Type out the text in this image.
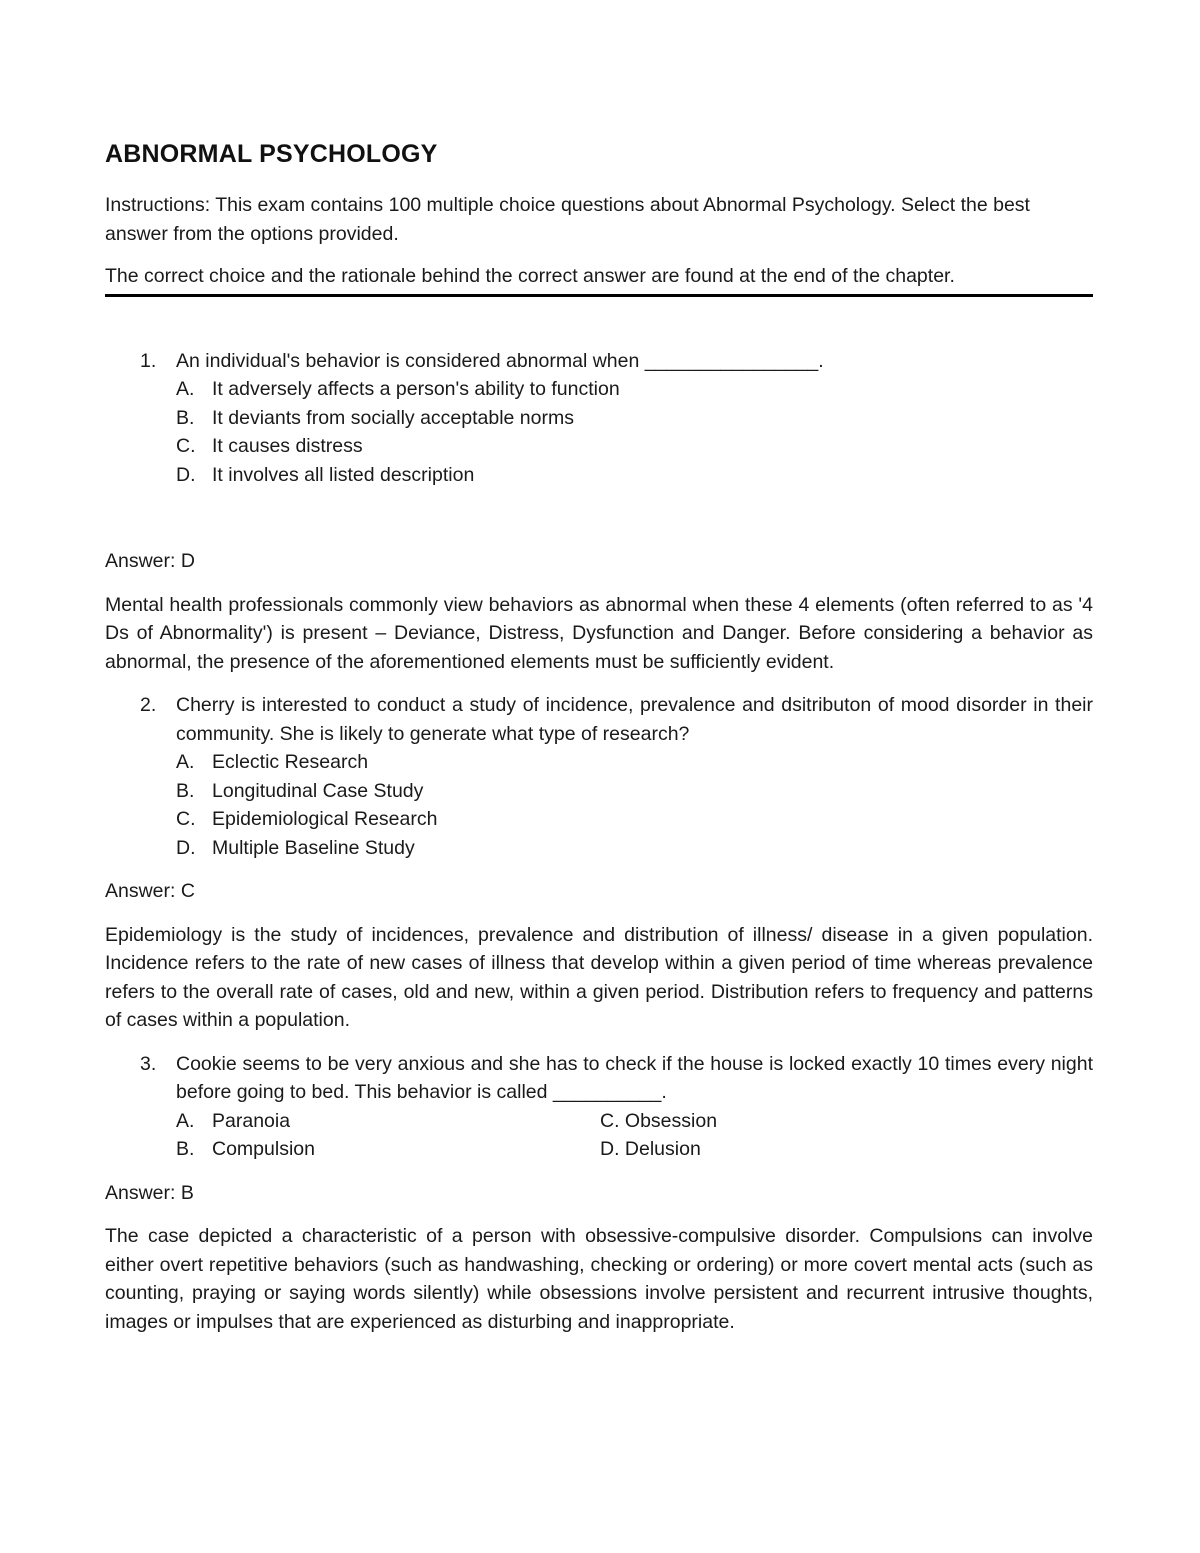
ABNORMAL PSYCHOLOGY

Instructions: This exam contains 100 multiple choice questions about Abnormal Psychology. Select the best answer from the options provided.

The correct choice and the rationale behind the correct answer are found at the end of the chapter.

1. An individual's behavior is considered abnormal when ________________.
A. It adversely affects a person's ability to function
B. It deviants from socially acceptable norms
C. It causes distress
D. It involves all listed description

Answer: D

Mental health professionals commonly view behaviors as abnormal when these 4 elements (often referred to as '4 Ds of Abnormality') is present – Deviance, Distress, Dysfunction and Danger. Before considering a behavior as abnormal, the presence of the aforementioned elements must be sufficiently evident.

2. Cherry is interested to conduct a study of incidence, prevalence and dsitributon of mood disorder in their community. She is likely to generate what type of research?
A. Eclectic Research
B. Longitudinal Case Study
C. Epidemiological Research
D. Multiple Baseline Study

Answer: C

Epidemiology is the study of incidences, prevalence and distribution of illness/ disease in a given population. Incidence refers to the rate of new cases of illness that develop within a given period of time whereas prevalence refers to the overall rate of cases, old and new, within a given period. Distribution refers to frequency and patterns of cases within a population.

3. Cookie seems to be very anxious and she has to check if the house is locked exactly 10 times every night before going to bed. This behavior is called __________.
A. Paranoia	C. Obsession
B. Compulsion	D. Delusion

Answer: B

The case depicted a characteristic of a person with obsessive-compulsive disorder. Compulsions can involve either overt repetitive behaviors (such as handwashing, checking or ordering) or more covert mental acts (such as counting, praying or saying words silently) while obsessions involve persistent and recurrent intrusive thoughts, images or impulses that are experienced as disturbing and inappropriate.
